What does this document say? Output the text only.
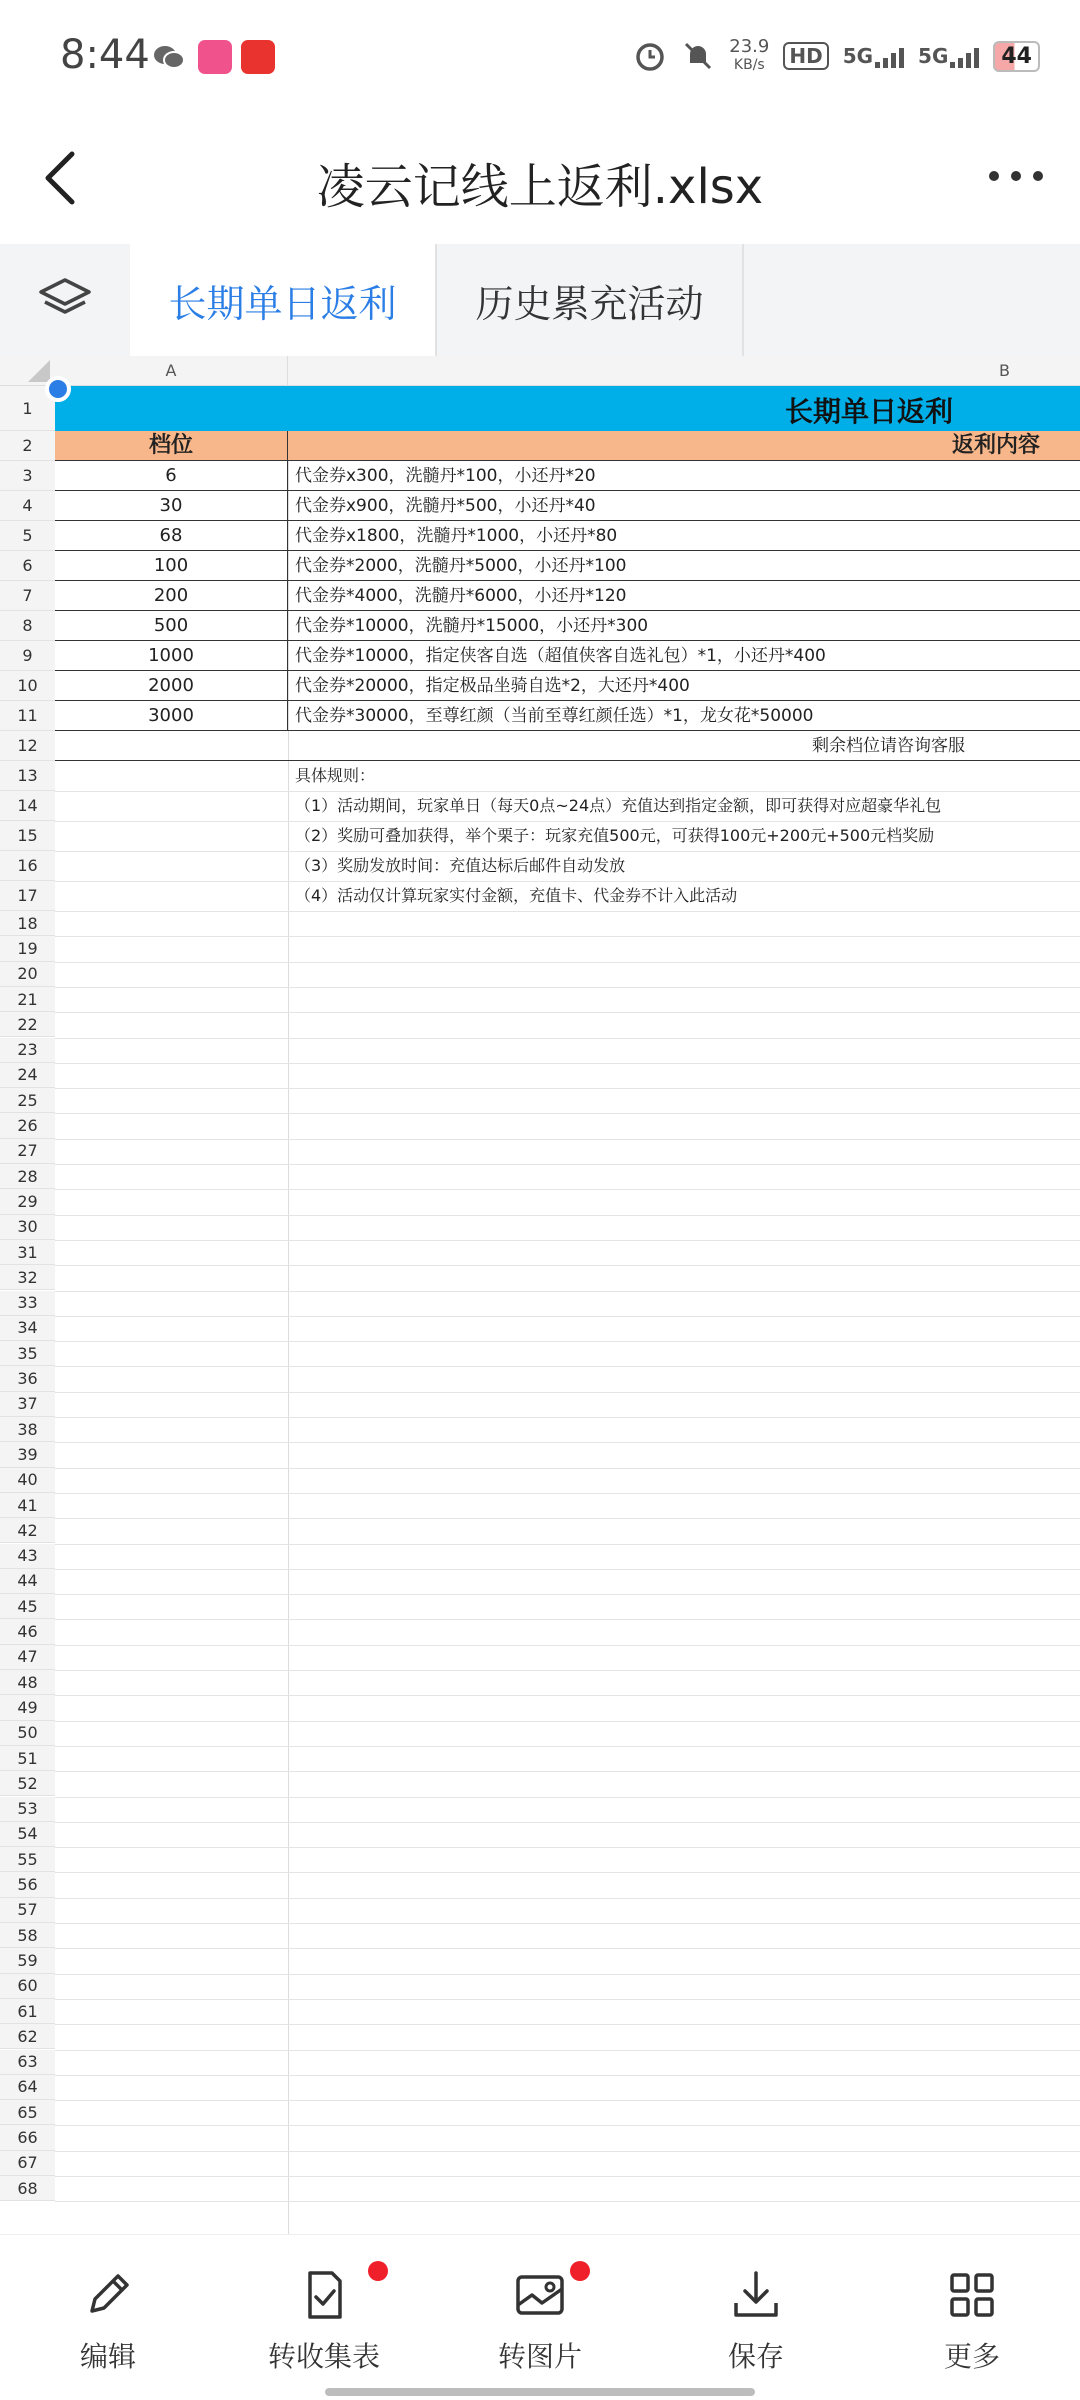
8:44	23.9
KB/s	HD	5G 5G	44
凌云记线上返利.xlsx
长期单日返利	历史累充活动
A	B
1
2
3
4
5
6
7
8
9
10
11
12
13
14
15
16
17
18
19
20
21
22
23
24
25
26
27
28
29
30
31
32
33
34
35
36
37
38
39
40
41
42
43
44
45
46
47
48
49
50
51
52
53
54
55
56
57
58
59
60
61
62
63
64
65
66
67
68
长期单日返利
档位	返利内容
6	代金券x300，洗髓丹*100，小还丹*20
30	代金券x900，洗髓丹*500，小还丹*40
68	代金券x1800，洗髓丹*1000，小还丹*80
100	代金券*2000，洗髓丹*5000，小还丹*100
200	代金券*4000，洗髓丹*6000，小还丹*120
500	代金券*10000，洗髓丹*15000，小还丹*300
1000	代金券*10000，指定侠客自选（超值侠客自选礼包）*1，小还丹*400
2000	代金券*20000，指定极品坐骑自选*2，大还丹*400
3000	代金券*30000，至尊红颜（当前至尊红颜任选）*1，龙女花*50000
剩余档位请咨询客服
具体规则：
（1）活动期间，玩家单日（每天0点~24点）充值达到指定金额，即可获得对应超豪华礼包
（2）奖励可叠加获得，举个栗子：玩家充值500元，可获得100元+200元+500元档奖励
（3）奖励发放时间：充值达标后邮件自动发放
（4）活动仅计算玩家实付金额，充值卡、代金券不计入此活动
编辑	转收集表	转图片	保存	更多
